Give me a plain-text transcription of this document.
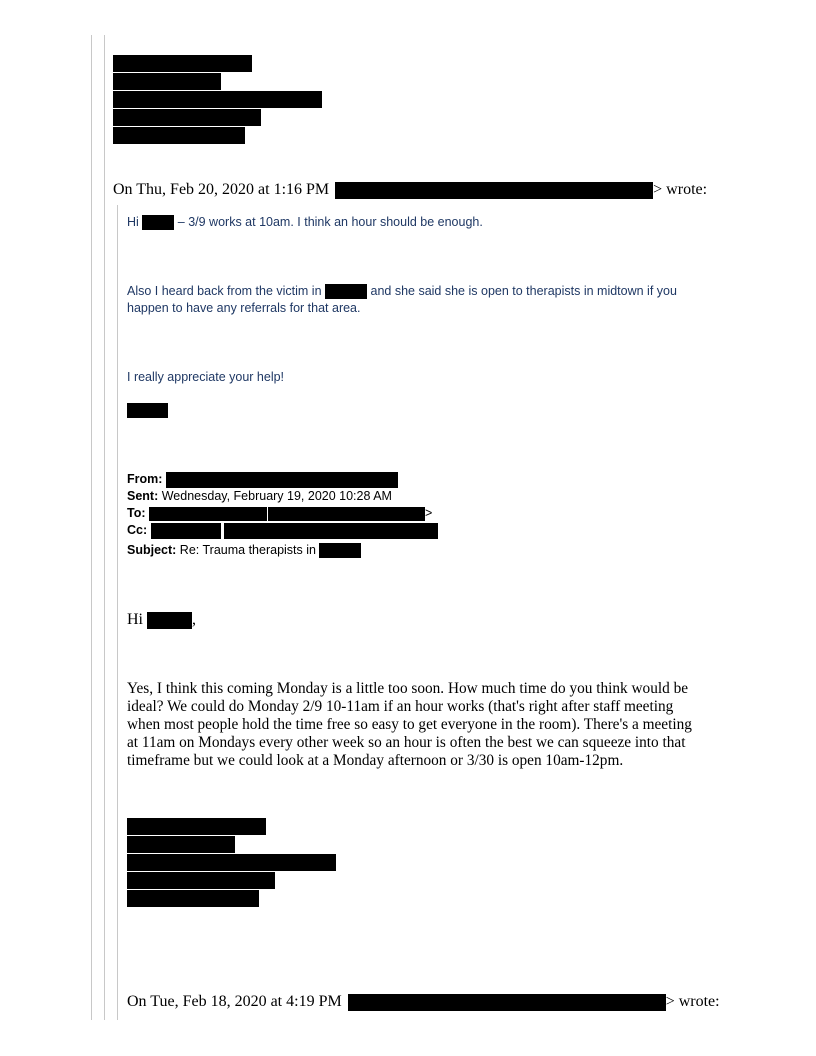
On Thu, Feb 20, 2020 at 1:16 PM	> wrote:
Hi	– 3/9 works at 10am. I think an hour should be enough.
Also I heard back from the victim in	and she said she is open to therapists in midtown if you
happen to have any referrals for that area.
I really appreciate your help!
From:
Sent: Wednesday, February 19, 2020 10:28 AM
To:	>
Cc:
Subject: Re: Trauma therapists in
Hi	,
Yes, I think this coming Monday is a little too soon. How much time do you think would be
ideal? We could do Monday 2/9 10-11am if an hour works (that's right after staff meeting
when most people hold the time free so easy to get everyone in the room). There's a meeting
at 11am on Mondays every other week so an hour is often the best we can squeeze into that
timeframe but we could look at a Monday afternoon or 3/30 is open 10am-12pm.
On Tue, Feb 18, 2020 at 4:19 PM	> wrote:
